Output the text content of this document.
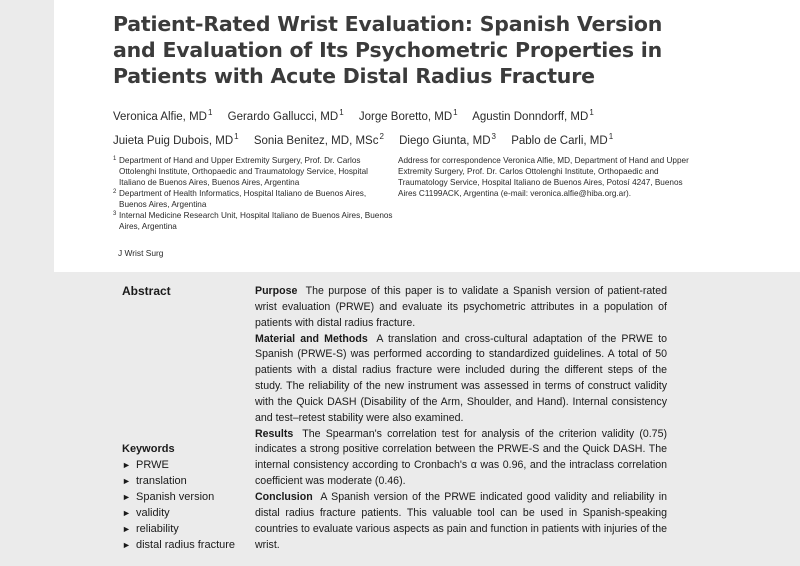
Patient-Rated Wrist Evaluation: Spanish Version
and Evaluation of Its Psychometric Properties in
Patients with Acute Distal Radius Fracture
Veronica Alfie, $MD^1$ Gerardo Gallucci, $MD^1$ Jorge Boretto, $MD^1$ Agustin Donndorff, $MD^1$
Juieta Puig Dubois, $MD^1$ Sonia Benitez, MD, MSc$^2$ Diego Giunta, $MD^3$ Pablo de Carli, $MD^1$
1 Department of Hand and Upper Extremity Surgery, Prof. Dr. Carlos Ottolenghi Institute, Orthopaedic and Traumatology Service, Hospital Italiano de Buenos Aires, Buenos Aires, Argentina
2 Department of Health Informatics, Hospital Italiano de Buenos Aires, Buenos Aires, Argentina
3 Internal Medicine Research Unit, Hospital Italiano de Buenos Aires, Buenos Aires, Argentina
Address for correspondence Veronica Alfie, MD, Department of Hand and Upper Extremity Surgery, Prof. Dr. Carlos Ottolenghi Institute, Orthopaedic and Traumatology Service, Hospital Italiano de Buenos Aires, Potosí 4247, Buenos Aires C1199ACK, Argentina (e-mail: veronica.alfie@hiba.org.ar).
J Wrist Surg
Abstract
Keywords
► PRWE
► translation
► Spanish version
► validity
► reliability
► distal radius fracture

Purpose The purpose of this paper is to validate a Spanish version of patient-rated wrist evaluation (PRWE) and evaluate its psychometric attributes in a population of patients with distal radius fracture.

Material and Methods A translation and cross-cultural adaptation of the PRWE to Spanish (PRWE-S) was performed according to standardized guidelines. A total of 50 patients with a distal radius fracture were included during the different steps of the study. The reliability of the new instrument was assessed in terms of construct validity with the Quick DASH (Disability of the Arm, Shoulder, and Hand). Internal consistency and test–retest stability were also examined.

Results The Spearman's correlation test for analysis of the criterion validity (0.75) indicates a strong positive correlation between the PRWE-S and the Quick DASH. The internal consistency according to Cronbach's α was 0.96, and the intraclass correlation coefficient was moderate (0.46).

Conclusion A Spanish version of the PRWE indicated good validity and reliability in distal radius fracture patients. This valuable tool can be used in Spanish-speaking countries to evaluate various aspects as pain and function in patients with injuries of the wrist.
